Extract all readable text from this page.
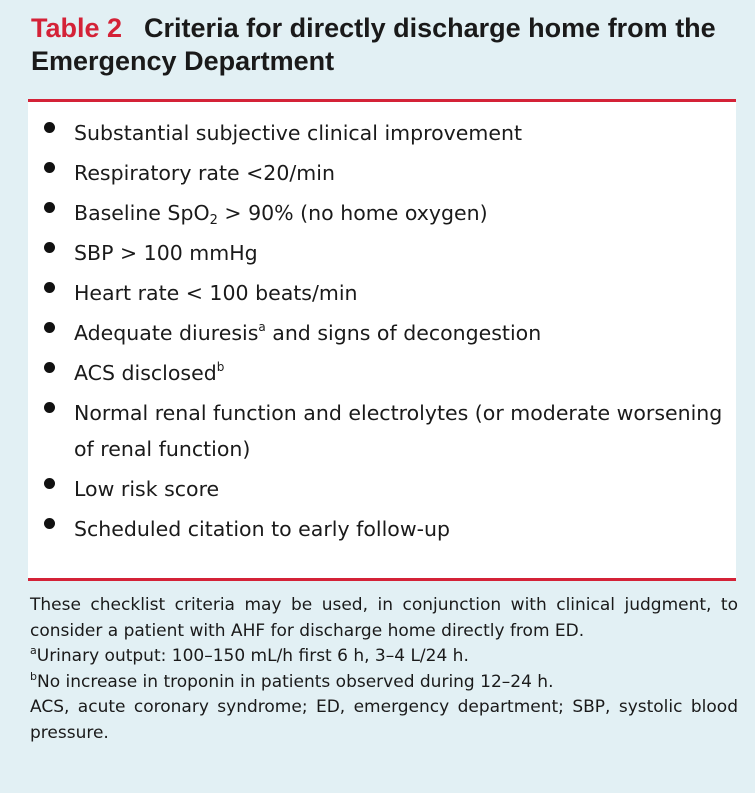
Table 2 Criteria for directly discharge home from the Emergency Department
Substantial subjective clinical improvement
Respiratory rate <20/min
Baseline SpO$_2$ > 90% (no home oxygen)
SBP > 100 mmHg
Heart rate < 100 beats/min
Adequate diuresis$^a$ and signs of decongestion
ACS disclosed$^b$
Normal renal function and electrolytes (or moderate worsening
of renal function)
Low risk score
Scheduled citation to early follow-up

These checklist criteria may be used, in conjunction with clinical judgment, to consider a patient with AHF for discharge home directly from ED.

$^a$Urinary output: 100–150 mL/h first 6 h, 3–4 L/24 h.

$^b$No increase in troponin in patients observed during 12–24 h.

ACS, acute coronary syndrome; ED, emergency department; SBP, systolic blood pressure.
